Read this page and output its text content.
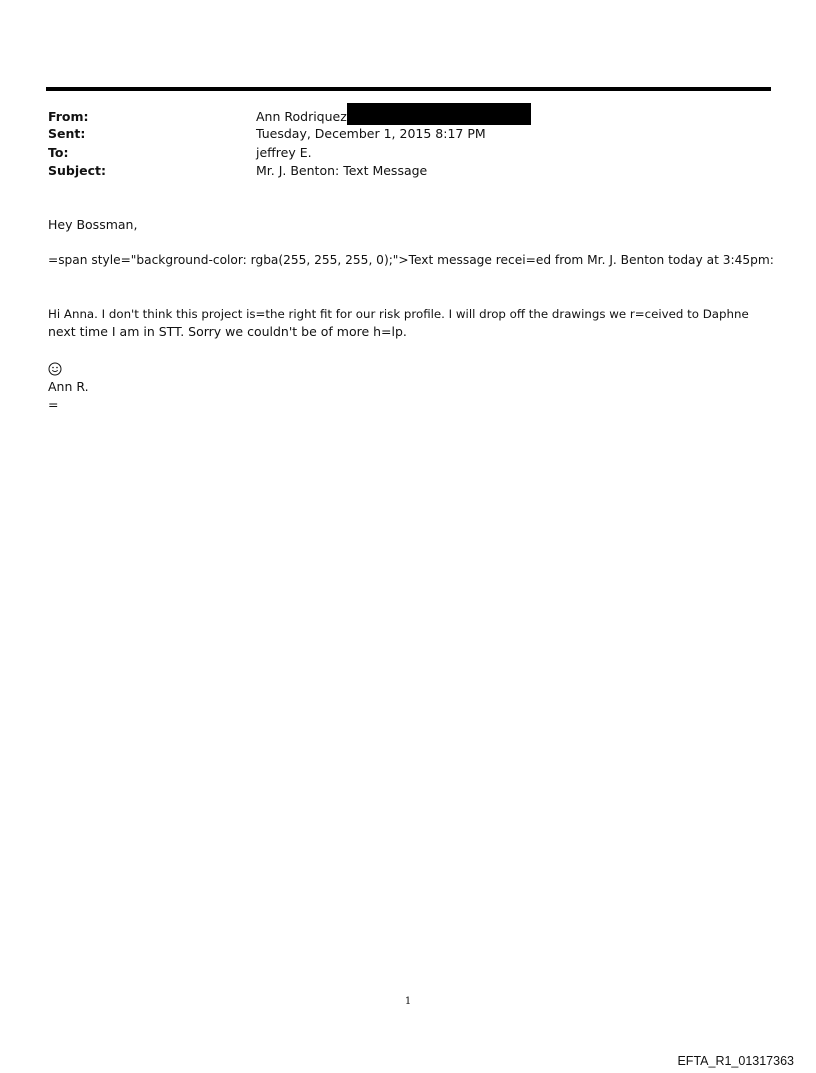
From:	Ann Rodriquez
Sent:	Tuesday, December 1, 2015 8:17 PM
To:	jeffrey E.
Subject:	Mr. J. Benton: Text Message
Hey Bossman,
=span style="background-color: rgba(255, 255, 255, 0);">Text message recei=ed from Mr. J. Benton today at 3:45pm:
Hi Anna. I don't think this project is=the right fit for our risk profile. I will drop off the drawings we r=ceived to Daphne
next time I am in STT. Sorry we couldn't be of more h=lp.
Ann R.
=
1
EFTA_R1_01317363
